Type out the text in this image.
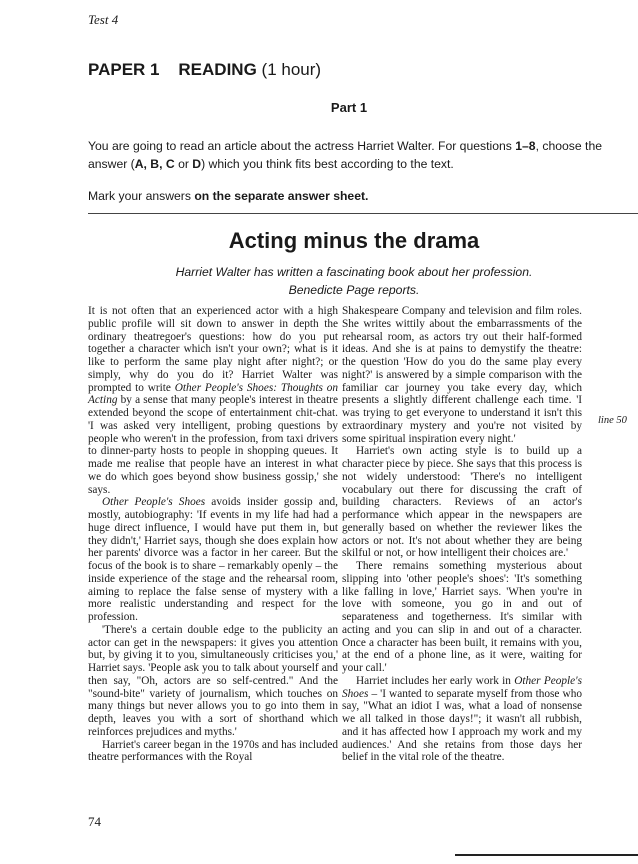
Test 4
PAPER 1 READING (1 hour)
Part 1
You are going to read an article about the actress Harriet Walter. For questions 1–8, choose the answer (A, B, C or D) which you think fits best according to the text.
Mark your answers on the separate answer sheet.
Acting minus the drama
Harriet Walter has written a fascinating book about her profession.
Benedicte Page reports.

It is not often that an experienced actor with a high public profile will sit down to answer in depth the ordinary theatregoer's questions: how do you put together a character which isn't your own?; what is it like to perform the same play night after night?; or simply, why do you do it? Harriet Walter was prompted to write Other People's Shoes: Thoughts on Acting by a sense that many people's interest in theatre extended beyond the scope of entertainment chit-chat. 'I was asked very intelligent, probing questions by people who weren't in the profession, from taxi drivers to dinner-party hosts to people in shopping queues. It made me realise that people have an interest in what we do which goes beyond show business gossip,' she says.

Other People's Shoes avoids insider gossip and, mostly, autobiography: 'If events in my life had had a huge direct influence, I would have put them in, but they didn't,' Harriet says, though she does explain how her parents' divorce was a factor in her career. But the focus of the book is to share – remarkably openly – the inside experience of the stage and the rehearsal room, aiming to replace the false sense of mystery with a more realistic understanding and respect for the profession.

'There's a certain double edge to the publicity an actor can get in the newspapers: it gives you attention but, by giving it to you, simultaneously criticises you,' Harriet says. 'People ask you to talk about yourself and then say, "Oh, actors are so self-centred." And the "sound-bite" variety of journalism, which touches on many things but never allows you to go into them in depth, leaves you with a sort of shorthand which reinforces prejudices and myths.'

Harriet's career began in the 1970s and has included theatre performances with the Royal

Shakespeare Company and television and film roles. She writes wittily about the embarrassments of the rehearsal room, as actors try out their half-formed ideas. And she is at pains to demystify the theatre: the question 'How do you do the same play every night?' is answered by a simple comparison with the familiar car journey you take every day, which presents a slightly different challenge each time. 'I was trying to get everyone to understand it isn't this extraordinary mystery and you're not visited by some spiritual inspiration every night.'

Harriet's own acting style is to build up a character piece by piece. She says that this process is not widely understood: 'There's no intelligent vocabulary out there for discussing the craft of building characters. Reviews of an actor's performance which appear in the newspapers are generally based on whether the reviewer likes the actors or not. It's not about whether they are being skilful or not, or how intelligent their choices are.'

There remains something mysterious about slipping into 'other people's shoes': 'It's something like falling in love,' Harriet says. 'When you're in love with someone, you go in and out of separateness and togetherness. It's similar with acting and you can slip in and out of a character. Once a character has been built, it remains with you, at the end of a phone line, as it were, waiting for your call.'

Harriet includes her early work in Other People's Shoes – 'I wanted to separate myself from those who say, "What an idiot I was, what a load of nonsense we all talked in those days!"; it wasn't all rubbish, and it has affected how I approach my work and my audiences.' And she retains from those days her belief in the vital role of the theatre.

line 50
74
